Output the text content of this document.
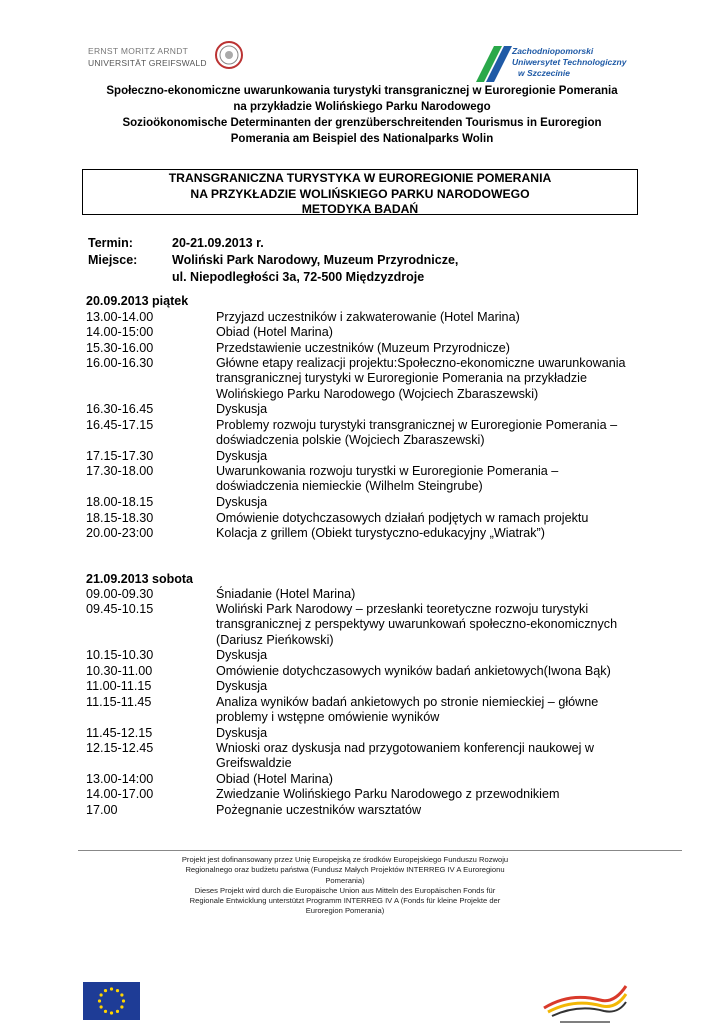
ERNST MORITZ ARNDT
UNIVERSITÄT GREIFSWALD
Zachodniopomorski
Uniwersytet Technologiczny
w Szczecinie
Społeczno-ekonomiczne uwarunkowania turystyki transgranicznej w Euroregionie Pomerania
na przykładzie Wolińskiego Parku Narodowego
Sozioökonomische Determinanten der grenzüberschreitenden Tourismus in Euroregion
Pomerania am Beispiel des Nationalparks Wolin
TRANSGRANICZNA TURYSTYKA W EUROREGIONIE POMERANIA
NA PRZYKŁADZIE WOLIŃSKIEGO PARKU NARODOWEGO
METODYKA BADAŃ
Termin:	20-21.09.2013 r.
Miejsce:	Woliński Park Narodowy, Muzeum Przyrodnicze,
ul. Niepodległości 3a, 72-500 Międzyzdroje
20.09.2013 piątek
13.00-14.00	Przyjazd uczestników i zakwaterowanie (Hotel Marina)
14.00-15:00	Obiad (Hotel Marina)
15.30-16.00	Przedstawienie uczestników (Muzeum Przyrodnicze)
16.00-16.30	Główne etapy realizacji projektu:Społeczno-ekonomiczne uwarunkowania transgranicznej turystyki w Euroregionie Pomerania na przykładzie Wolińskiego Parku Narodowego (Wojciech Zbaraszewski)
16.30-16.45	Dyskusja
16.45-17.15	Problemy rozwoju turystyki transgranicznej w Euroregionie Pomerania – doświadczenia polskie (Wojciech Zbaraszewski)
17.15-17.30	Dyskusja
17.30-18.00	Uwarunkowania rozwoju turystki w Euroregionie Pomerania – doświadczenia niemieckie (Wilhelm Steingrube)
18.00-18.15	Dyskusja
18.15-18.30	Omówienie dotychczasowych działań podjętych w ramach projektu
20.00-23:00	Kolacja z grillem (Obiekt turystyczno-edukacyjny „Wiatrak”)
21.09.2013 sobota
09.00-09.30	Śniadanie (Hotel Marina)
09.45-10.15	Woliński Park Narodowy – przesłanki teoretyczne rozwoju turystyki transgranicznej z perspektywy uwarunkowań społeczno-ekonomicznych (Dariusz Pieńkowski)
10.15-10.30	Dyskusja
10.30-11.00	Omówienie dotychczasowych wyników badań ankietowych(Iwona Bąk)
11.00-11.15	Dyskusja
11.15-11.45	Analiza wyników badań ankietowych po stronie niemieckiej – główne problemy i wstępne omówienie wyników
11.45-12.15	Dyskusja
12.15-12.45	Wnioski oraz dyskusja nad przygotowaniem konferencji naukowej w Greifswaldzie
13.00-14:00	Obiad (Hotel Marina)
14.00-17.00	Zwiedzanie Wolińskiego Parku Narodowego z przewodnikiem
17.00	Pożegnanie uczestników warsztatów
Projekt jest dofinansowany przez Unię Europejską ze środków Europejskiego Funduszu Rozwoju
Regionalnego oraz budżetu państwa (Fundusz Małych Projektów INTERREG IV A Euroregionu
Pomerania)
Dieses Projekt wird durch die Europäische Union aus Mitteln des Europäischen Fonds für
Regionale Entwicklung unterstützt Programm INTERREG IV A (Fonds für kleine Projekte der
Euroregion Pomerania)
